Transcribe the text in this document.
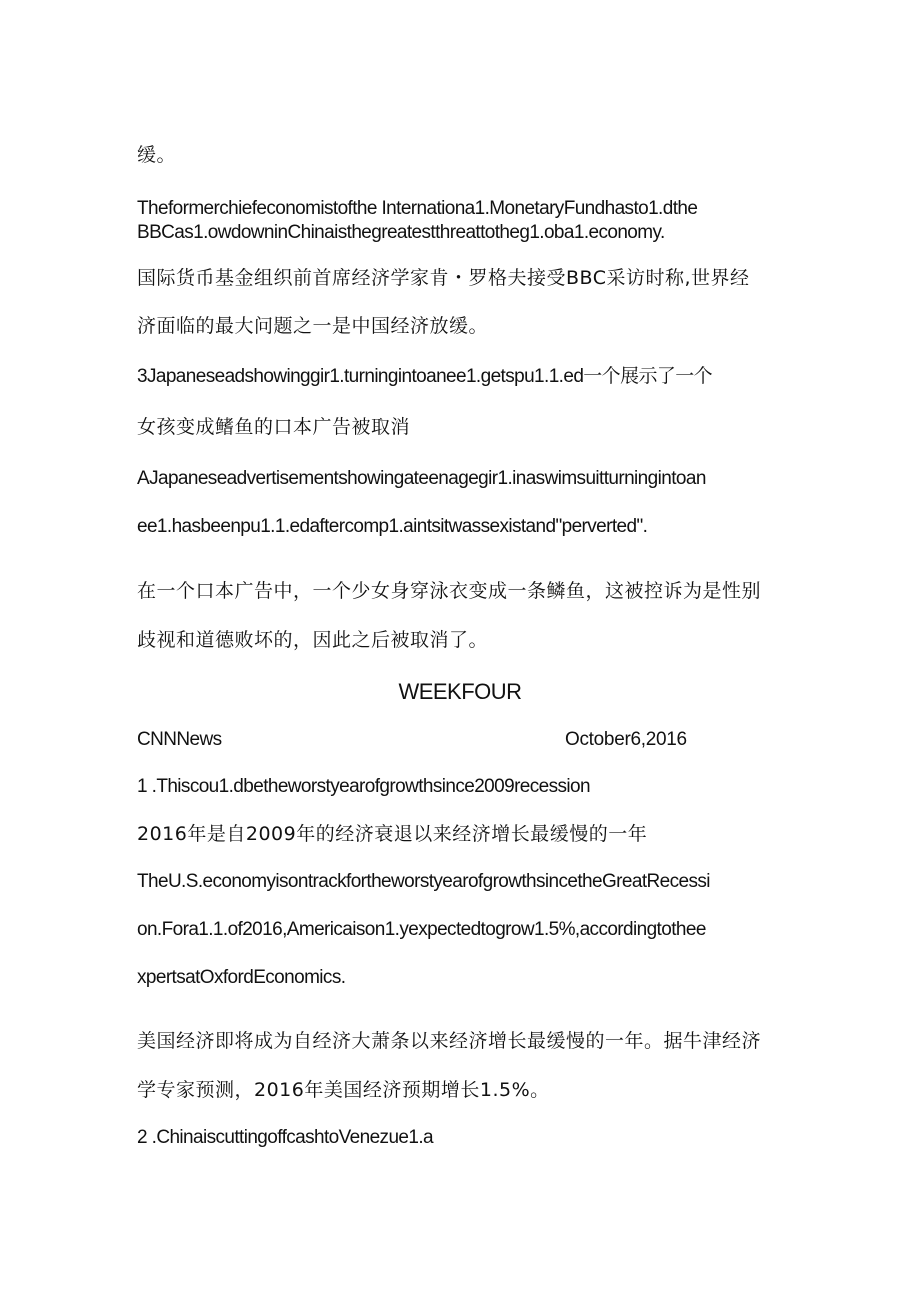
缓。
Theformerchiefeconomistofthe Internationa1.MonetaryFundhasto1.dthe
BBCas1.owdowninChinaisthegreatestthreattotheg1.oba1.economy.
国际货币基金组织前首席经济学家肯・罗格夫接受BBC采访时称,世界经
济面临的最大问题之一是中国经济放缓。
3Japaneseadshowinggir1.turningintoanee1.getspu1.1.ed一个展示了一个
女孩变成鳍鱼的口本广告被取消
AJapaneseadvertisementshowingateenagegir1.inaswimsuitturningintoan
ee1.hasbeenpu1.1.edaftercomp1.aintsitwassexistand"perverted".
在一个口本广告中，一个少女身穿泳衣变成一条鳞鱼，这被控诉为是性别
歧视和道德败坏的，因此之后被取消了。
WEEKFOUR
CNNNews	October6,2016
1 .Thiscou1.dbetheworstyearofgrowthsince2009recession
2016年是自2009年的经济衰退以来经济增长最缓慢的一年
TheU.S.economyisontrackfortheworstyearofgrowthsincetheGreatRecessi
on.Fora1.1.of2016,Americaison1.yexpectedtogrow1.5%,accordingtothee
xpertsatOxfordEconomics.
美国经济即将成为自经济大萧条以来经济增长最缓慢的一年。据牛津经济
学专家预测，2016年美国经济预期增长1.5%。
2 .ChinaiscuttingoffcashtoVenezue1.a
